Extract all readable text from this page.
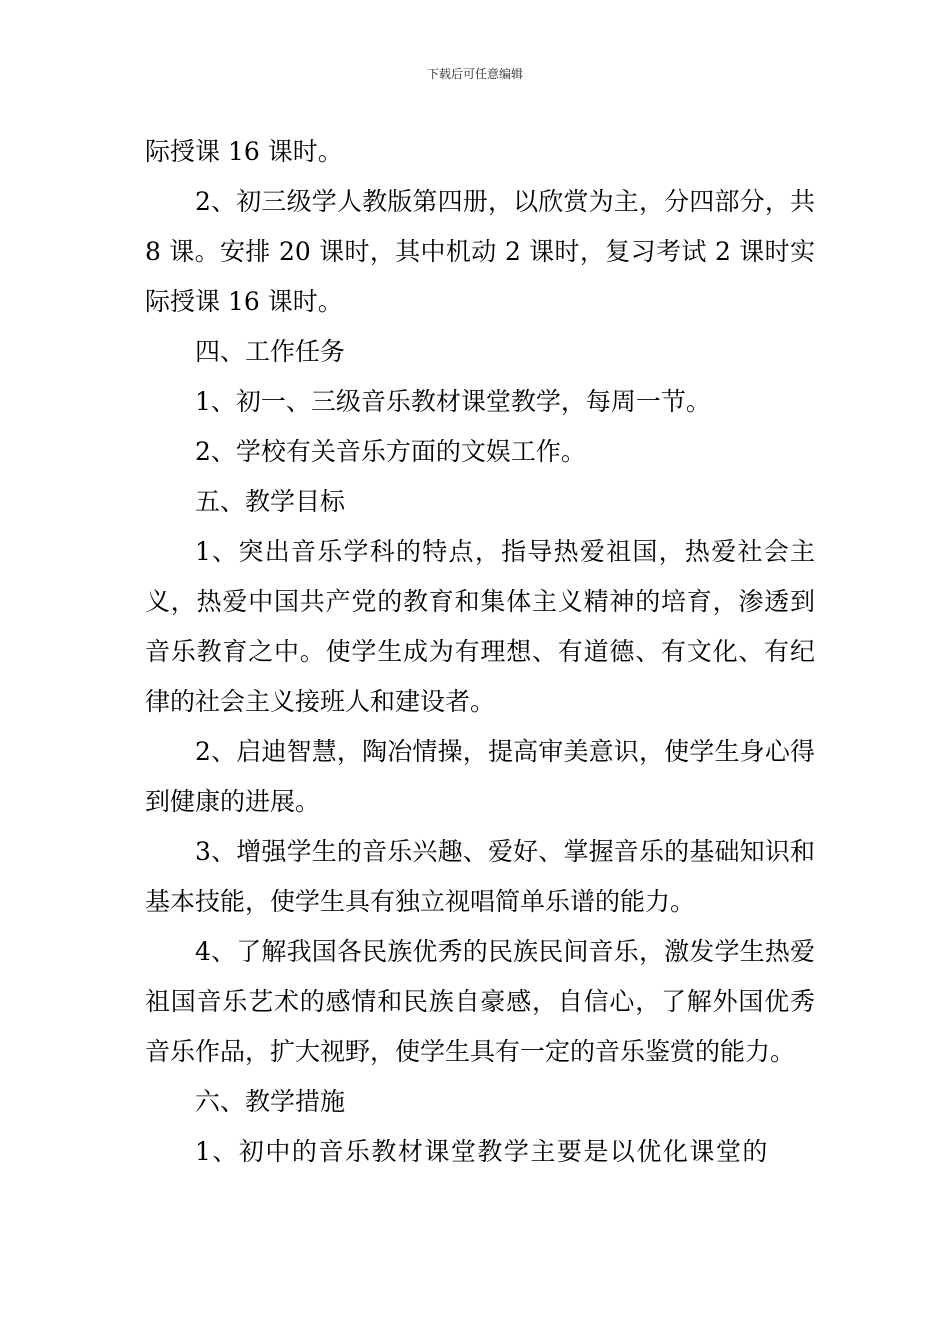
下载后可任意编辑

际授课 16 课时。

2、初三级学人教版第四册，以欣赏为主，分四部分，共 8 课。安排 20 课时，其中机动 2 课时，复习考试 2 课时实际授课 16 课时。

四、工作任务

1、初一、三级音乐教材课堂教学，每周一节。

2、学校有关音乐方面的文娱工作。

五、教学目标

1、突出音乐学科的特点，指导热爱祖国，热爱社会主义，热爱中国共产党的教育和集体主义精神的培育，渗透到音乐教育之中。使学生成为有理想、有道德、有文化、有纪律的社会主义接班人和建设者。

2、启迪智慧，陶冶情操，提高审美意识，使学生身心得到健康的进展。

3、增强学生的音乐兴趣、爱好、掌握音乐的基础知识和基本技能，使学生具有独立视唱简单乐谱的能力。

4、了解我国各民族优秀的民族民间音乐，激发学生热爱祖国音乐艺术的感情和民族自豪感，自信心，了解外国优秀音乐作品，扩大视野，使学生具有一定的音乐鉴赏的能力。

六、教学措施

1、初中的音乐教材课堂教学主要是以优化课堂的
